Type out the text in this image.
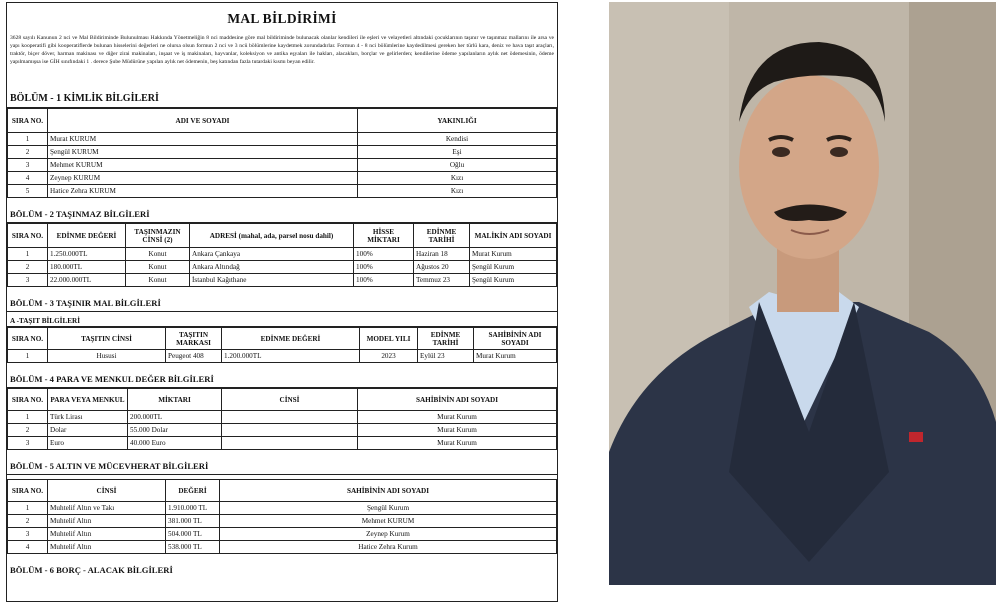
MAL BİLDİRİMİ
3628 sayılı Kanunun 2 nci ve Mal Bildiriminde Bulunulması Hakkında Yönetmeliğin 8 nci maddesine göre mal bildiriminde bulunacak olanlar kendileri ile eşleri ve velayetleri altındaki çocuklarının taşınır ve taşınmaz mallarını ile arsa ve yapı kooperatifi gibi kooperatiflerde bulunan hisselerini değerleri ne olursa olsun formun 2 nci ve 3 ncü bölümlerine kaydetmek zorundadırlar. Formun 4 - 8 nci bölümlerine kaydedilmesi gereken her türlü kara, deniz ve hava taşıt araçları, traktör, biçer döver, harman makinası ve diğer zirai makinaları, inşaat ve iş makinaları, hayvanlar, koleksiyon ve antika eşyaları ile hakları, alacakları, borçlar ve gelirlerden; kendilerine ödeme yapılanların aylık net ödemesinin, ödeme yapılmamışsa ise GİH sınıfındaki 1 . derece Şube Müdürüne yapılan aylık net ödemenin, beş katından fazla tutardaki kısmı beyan edilir.
BÖLÜM - 1 KİMLİK BİLGİLERİ
SIRA NO.	ADI VE SOYADI	YAKINLIĞI
1	Murat KURUM	Kendisi
2	Şengül KURUM	Eşi
3	Mehmet KURUM	Oğlu
4	Zeynep KURUM	Kızı
5	Hatice Zehra KURUM	Kızı
BÖLÜM - 2 TAŞINMAZ BİLGİLERİ
SIRA NO.	EDİNME DEĞERİ	TAŞINMAZIN CİNSİ (2)	ADRESİ (mahal, ada, parsel nosu dahil)	HİSSE MİKTARI	EDİNME TARİHİ	MALİKİN ADI SOYADI
1	1.250.000TL	Konut	Ankara Çankaya	100%	Haziran 18	Murat Kurum
2	180.000TL	Konut	Ankara Altındağ	100%	Ağustos 20	Şengül Kurum
3	22.000.000TL	Konut	İstanbul Kağıthane	100%	Temmuz 23	Şengül Kurum
BÖLÜM - 3 TAŞINIR MAL BİLGİLERİ
A -TAŞIT BİLGİLERİ
SIRA NO.	TAŞITIN CİNSİ	TAŞITIN MARKASI	EDİNME DEĞERİ	MODEL YILI	EDİNME TARİHİ	SAHİBİNİN ADI SOYADI
1	Hususi	Peugeot 408	1.200.000TL	2023	Eylül 23	Murat Kurum
BÖLÜM - 4 PARA VE MENKUL DEĞER BİLGİLERİ
SIRA NO.	PARA VEYA MENKUL	MİKTARI	CİNSİ	SAHİBİNİN ADI SOYADI
1	Türk Lirası	200.000TL		Murat Kurum
2	Dolar	55.000 Dolar		Murat Kurum
3	Euro	40.000 Euro		Murat Kurum
BÖLÜM - 5 ALTIN VE MÜCEVHERAT BİLGİLERİ
SIRA NO.	CİNSİ	DEĞERİ	SAHİBİNİN ADI SOYADI
1	Muhtelif Altın ve Takı	1.910.000 TL	Şengül Kurum
2	Muhtelif Altın	381.000 TL	Mehmet KURUM
3	Muhtelif Altın	504.000 TL	Zeynep Kurum
4	Muhtelif Altın	538.000 TL	Hatice Zehra Kurum
BÖLÜM - 6 BORÇ - ALACAK BİLGİLERİ
